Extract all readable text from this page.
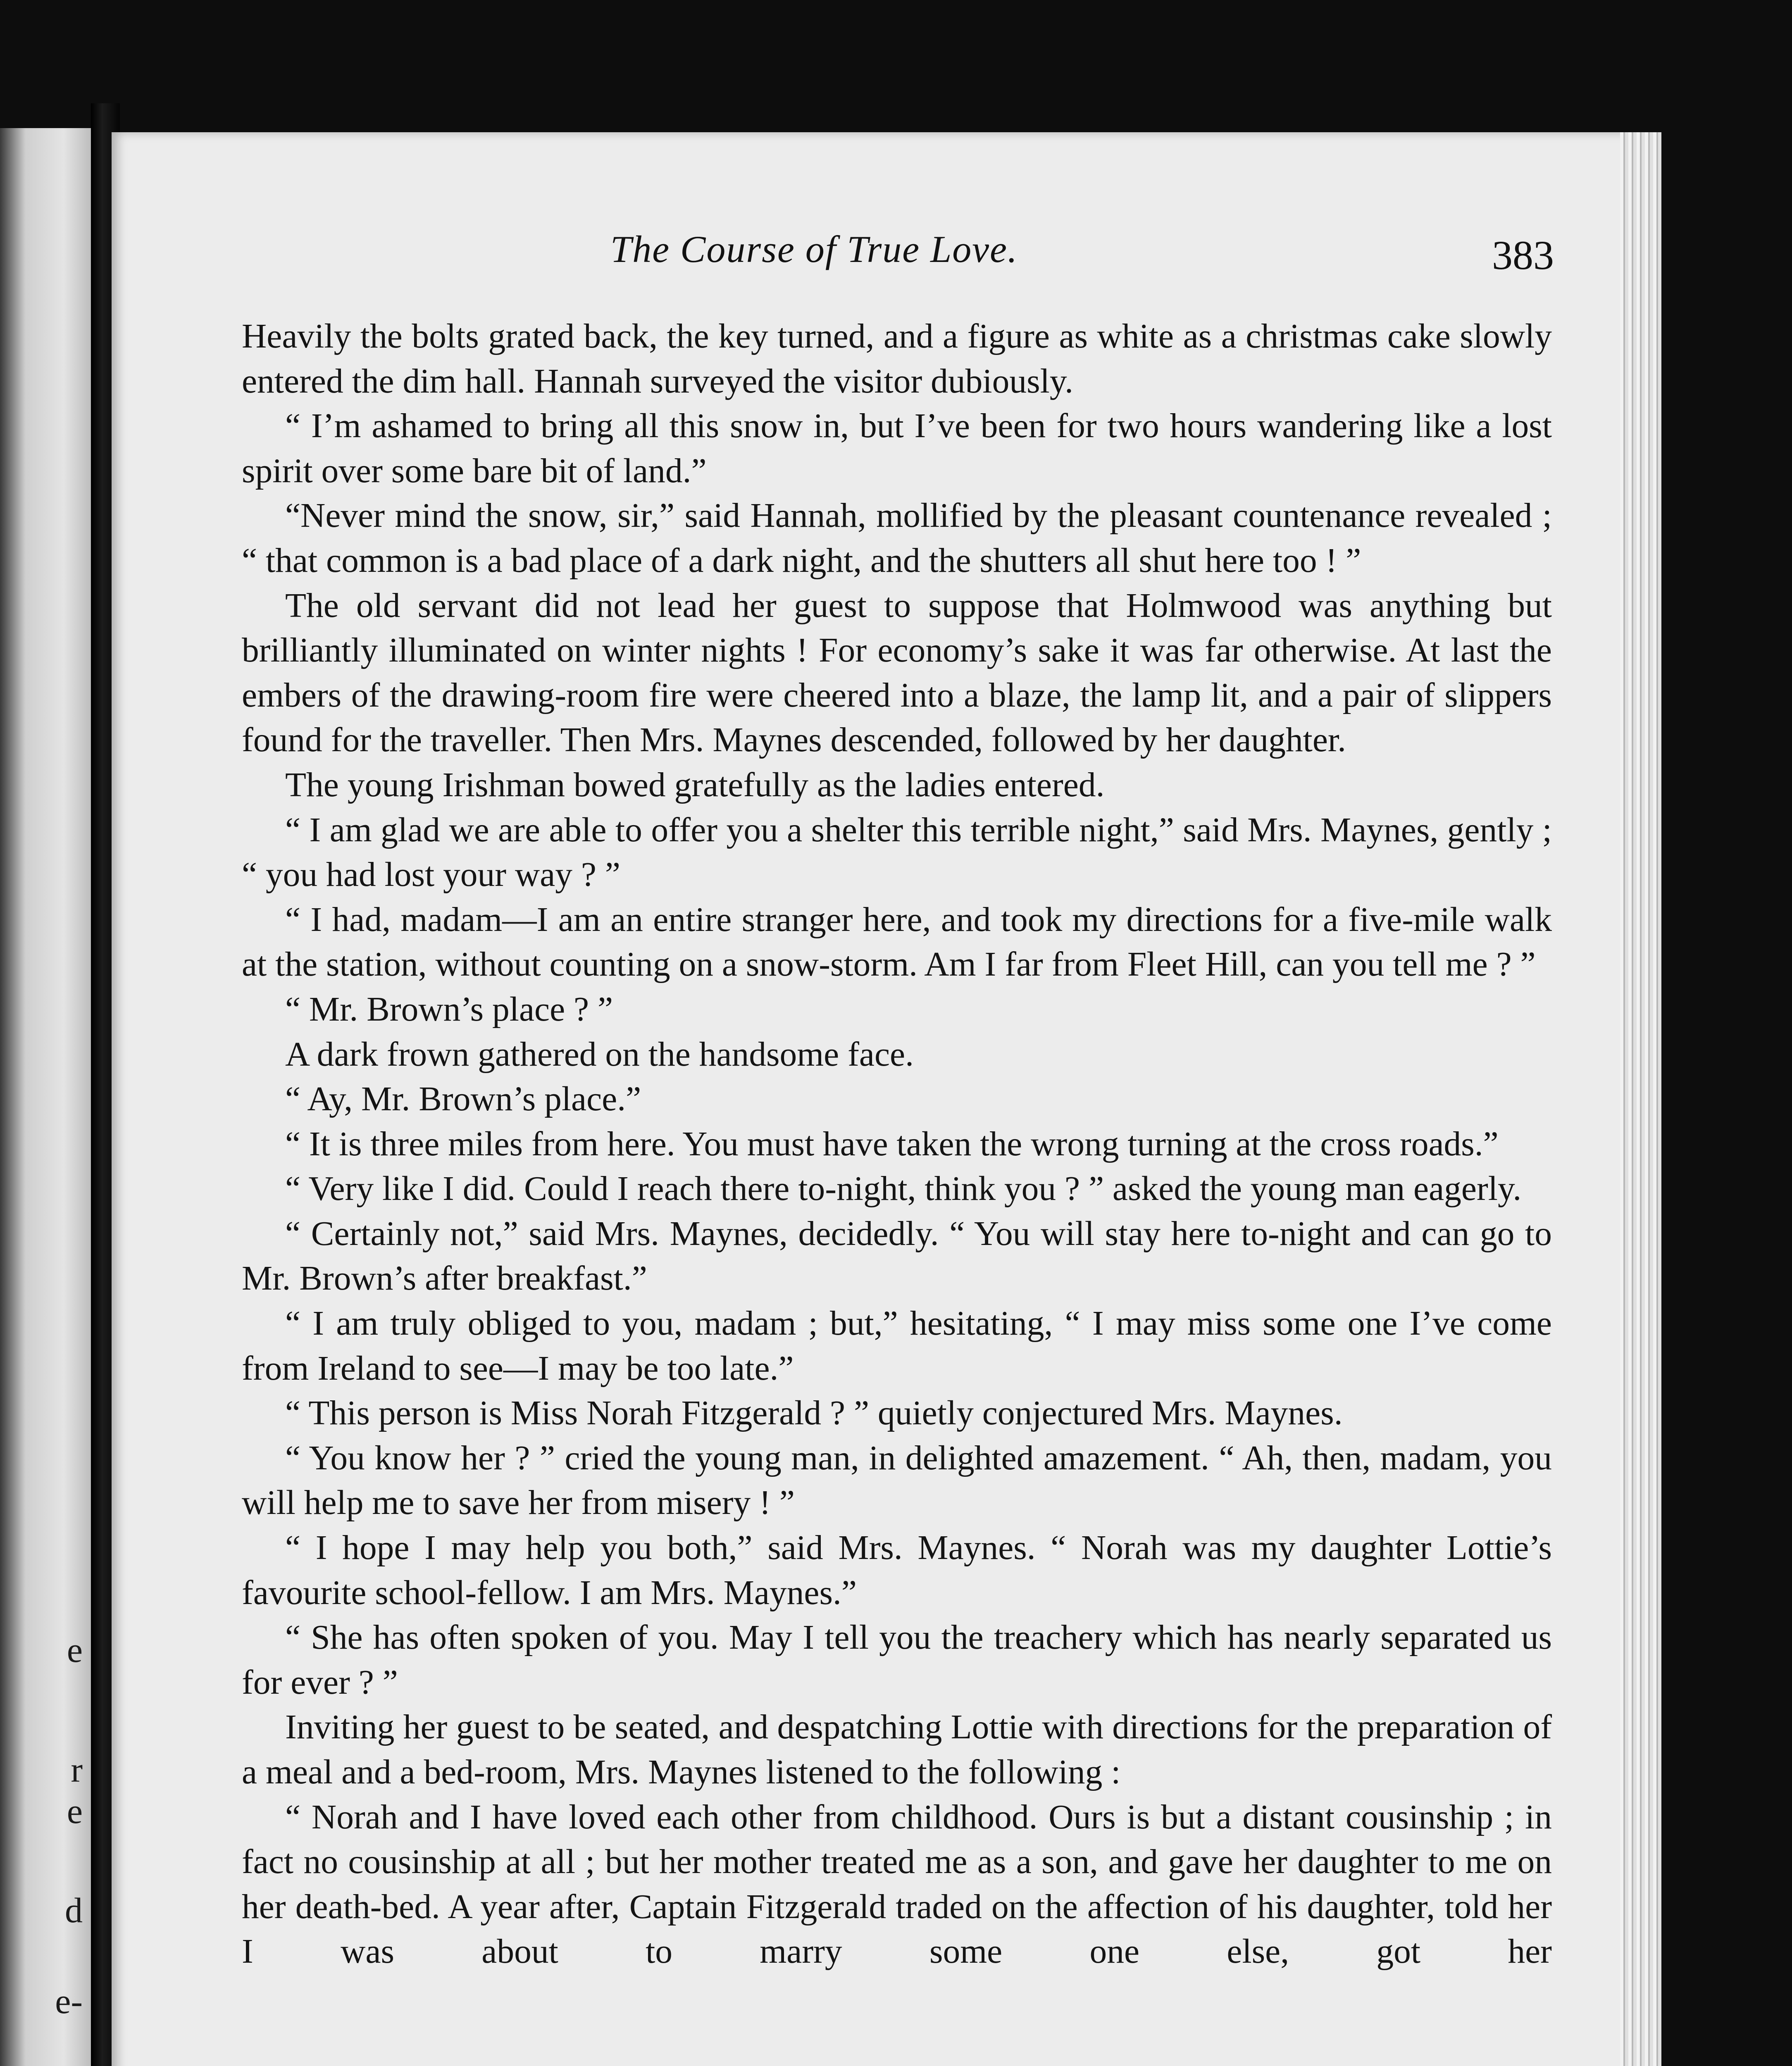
e
r
e
d
e-
The Course of True Love.	383

Heavily the bolts grated back, the key turned, and a figure as white as a christmas cake slowly entered the dim hall. Hannah surveyed the visitor dubiously.

“ I’m ashamed to bring all this snow in, but I’ve been for two hours wandering like a lost spirit over some bare bit of land.”

“Never mind the snow, sir,” said Hannah, mollified by the pleasant countenance revealed ; “ that common is a bad place of a dark night, and the shutters all shut here too ! ”

The old servant did not lead her guest to suppose that Holmwood was anything but brilliantly illuminated on winter nights ! For economy’s sake it was far otherwise. At last the embers of the drawing-room fire were cheered into a blaze, the lamp lit, and a pair of slippers found for the traveller. Then Mrs. Maynes descended, followed by her daughter.

The young Irishman bowed gratefully as the ladies entered.

“ I am glad we are able to offer you a shelter this terrible night,” said Mrs. Maynes, gently ; “ you had lost your way ? ”

“ I had, madam—I am an entire stranger here, and took my directions for a five-mile walk at the station, without counting on a snow-storm. Am I far from Fleet Hill, can you tell me ? ”

“ Mr. Brown’s place ? ”

A dark frown gathered on the handsome face.

“ Ay, Mr. Brown’s place.”

“ It is three miles from here. You must have taken the wrong turning at the cross roads.”

“ Very like I did. Could I reach there to-night, think you ? ” asked the young man eagerly.

“ Certainly not,” said Mrs. Maynes, decidedly. “ You will stay here to-night and can go to Mr. Brown’s after breakfast.”

“ I am truly obliged to you, madam ; but,” hesitating, “ I may miss some one I’ve come from Ireland to see—I may be too late.”

“ This person is Miss Norah Fitzgerald ? ” quietly conjectured Mrs. Maynes.

“ You know her ? ” cried the young man, in delighted amazement. “ Ah, then, madam, you will help me to save her from misery ! ”

“ I hope I may help you both,” said Mrs. Maynes. “ Norah was my daughter Lottie’s favourite school-fellow. I am Mrs. Maynes.”

“ She has often spoken of you. May I tell you the treachery which has nearly separated us for ever ? ”

Inviting her guest to be seated, and despatching Lottie with directions for the preparation of a meal and a bed-room, Mrs. Maynes listened to the following :

“ Norah and I have loved each other from childhood. Ours is but a distant cousinship ; in fact no cousinship at all ; but her mother treated me as a son, and gave her daughter to me on her death-bed. A year after, Captain Fitzgerald traded on the affection of his daughter, told her I was about to marry some one else, got her
